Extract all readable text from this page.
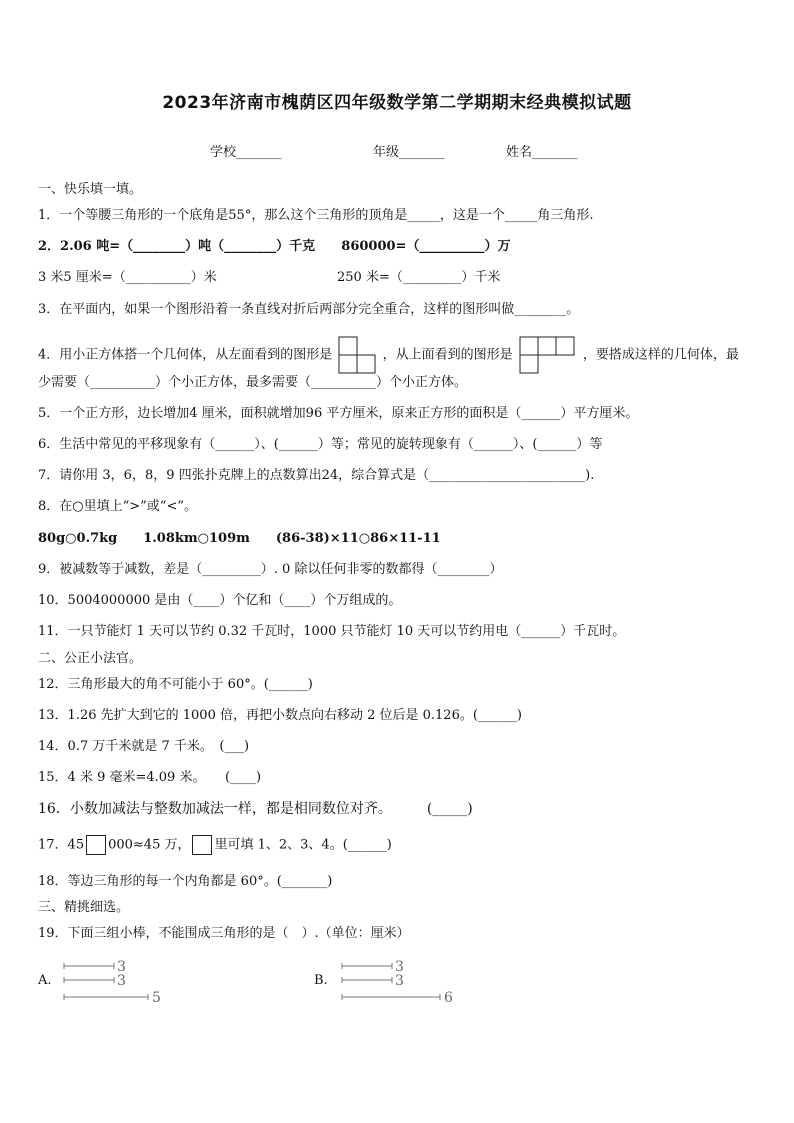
2023年济南市槐荫区四年级数学第二学期期末经典模拟试题
学校_______	年级_______	姓名_______
一、快乐填一填。
1．一个等腰三角形的一个底角是55°，那么这个三角形的顶角是_____，这是一个_____角三角形.
2．2.06 吨=（________）吨（________）千克 860000=（__________）万
3 米5 厘米=（__________）米	250 米=（_________）千米
3．在平面内，如果一个图形沿着一条直线对折后两部分完全重合，这样的图形叫做________。
4．用小正方体搭一个几何体，从左面看到的图形是	，从上面看到的图形是	，要搭成这样的几何体，最
少需要（__________）个小正方体，最多需要（__________）个小正方体。
5．一个正方形，边长增加4 厘米，面积就增加96 平方厘米，原来正方形的面积是（______）平方厘米。
6．生活中常见的平移现象有（______）、(______）等；常见的旋转现象有（______）、(______）等
7．请你用 3，6，8，9 四张扑克牌上的点数算出24，综合算式是（________________________).
8．在○里填上“>”或“<”。
80g○0.7kg　　1.08km○109m　　(86-38)×11○86×11-11
9．被减数等于减数，差是（_________）. 0 除以任何非零的数都得（________）
10．5004000000 是由（____）个亿和（____）个万组成的。
11．一只节能灯 1 天可以节约 0.32 千瓦时，1000 只节能灯 10 天可以节约用电（______）千瓦时。
二、公正小法官。
12．三角形最大的角不可能小于 60°。(______)
13．1.26 先扩大到它的 1000 倍，再把小数点向右移动 2 位后是 0.126。(______)
14．0.7 万千米就是 7 千米。　(___)
15．4 米 9 毫米=4.09 米。　　(____)
16．小数加减法与整数加减法一样，都是相同数位对齐。　　　(_____)
17．45 000≈45 万， 里可填 1、2、3、4。(______)
18．等边三角形的每一个内角都是 60°。(_______)
三、精挑细选。
19．下面三组小棒，不能围成三角形的是（　）.（单位：厘米）
A.
3
3
5
B.
3
3
6
